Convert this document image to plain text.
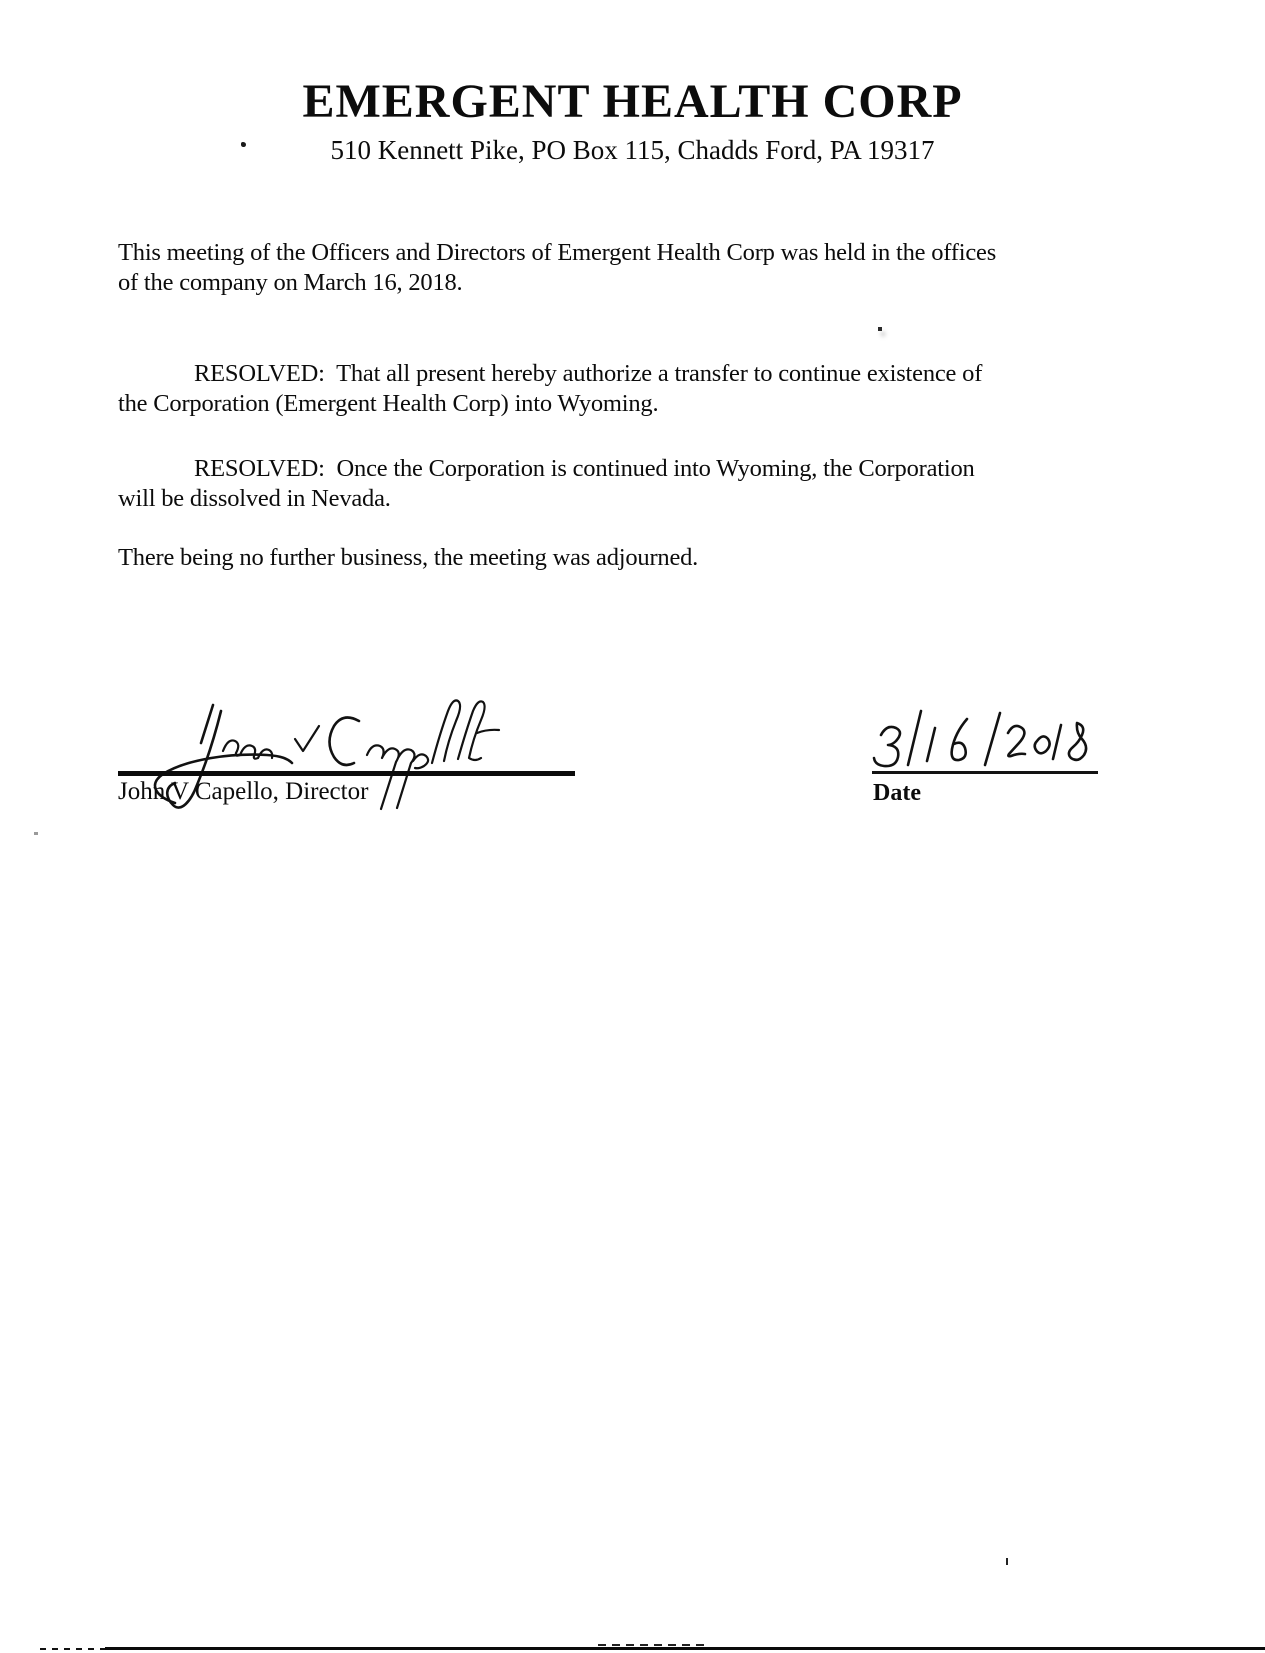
EMERGENT HEALTH CORP
510 Kennett Pike, PO Box 115, Chadds Ford, PA 19317
This meeting of the Officers and Directors of Emergent Health Corp was held in the offices
of the company on March 16, 2018.
RESOLVED:  That all present hereby authorize a transfer to continue existence of
the Corporation (Emergent Health Corp) into Wyoming.
RESOLVED:  Once the Corporation is continued into Wyoming, the Corporation
will be dissolved in Nevada.
There being no further business, the meeting was adjourned.
John V Capello, Director	Date
